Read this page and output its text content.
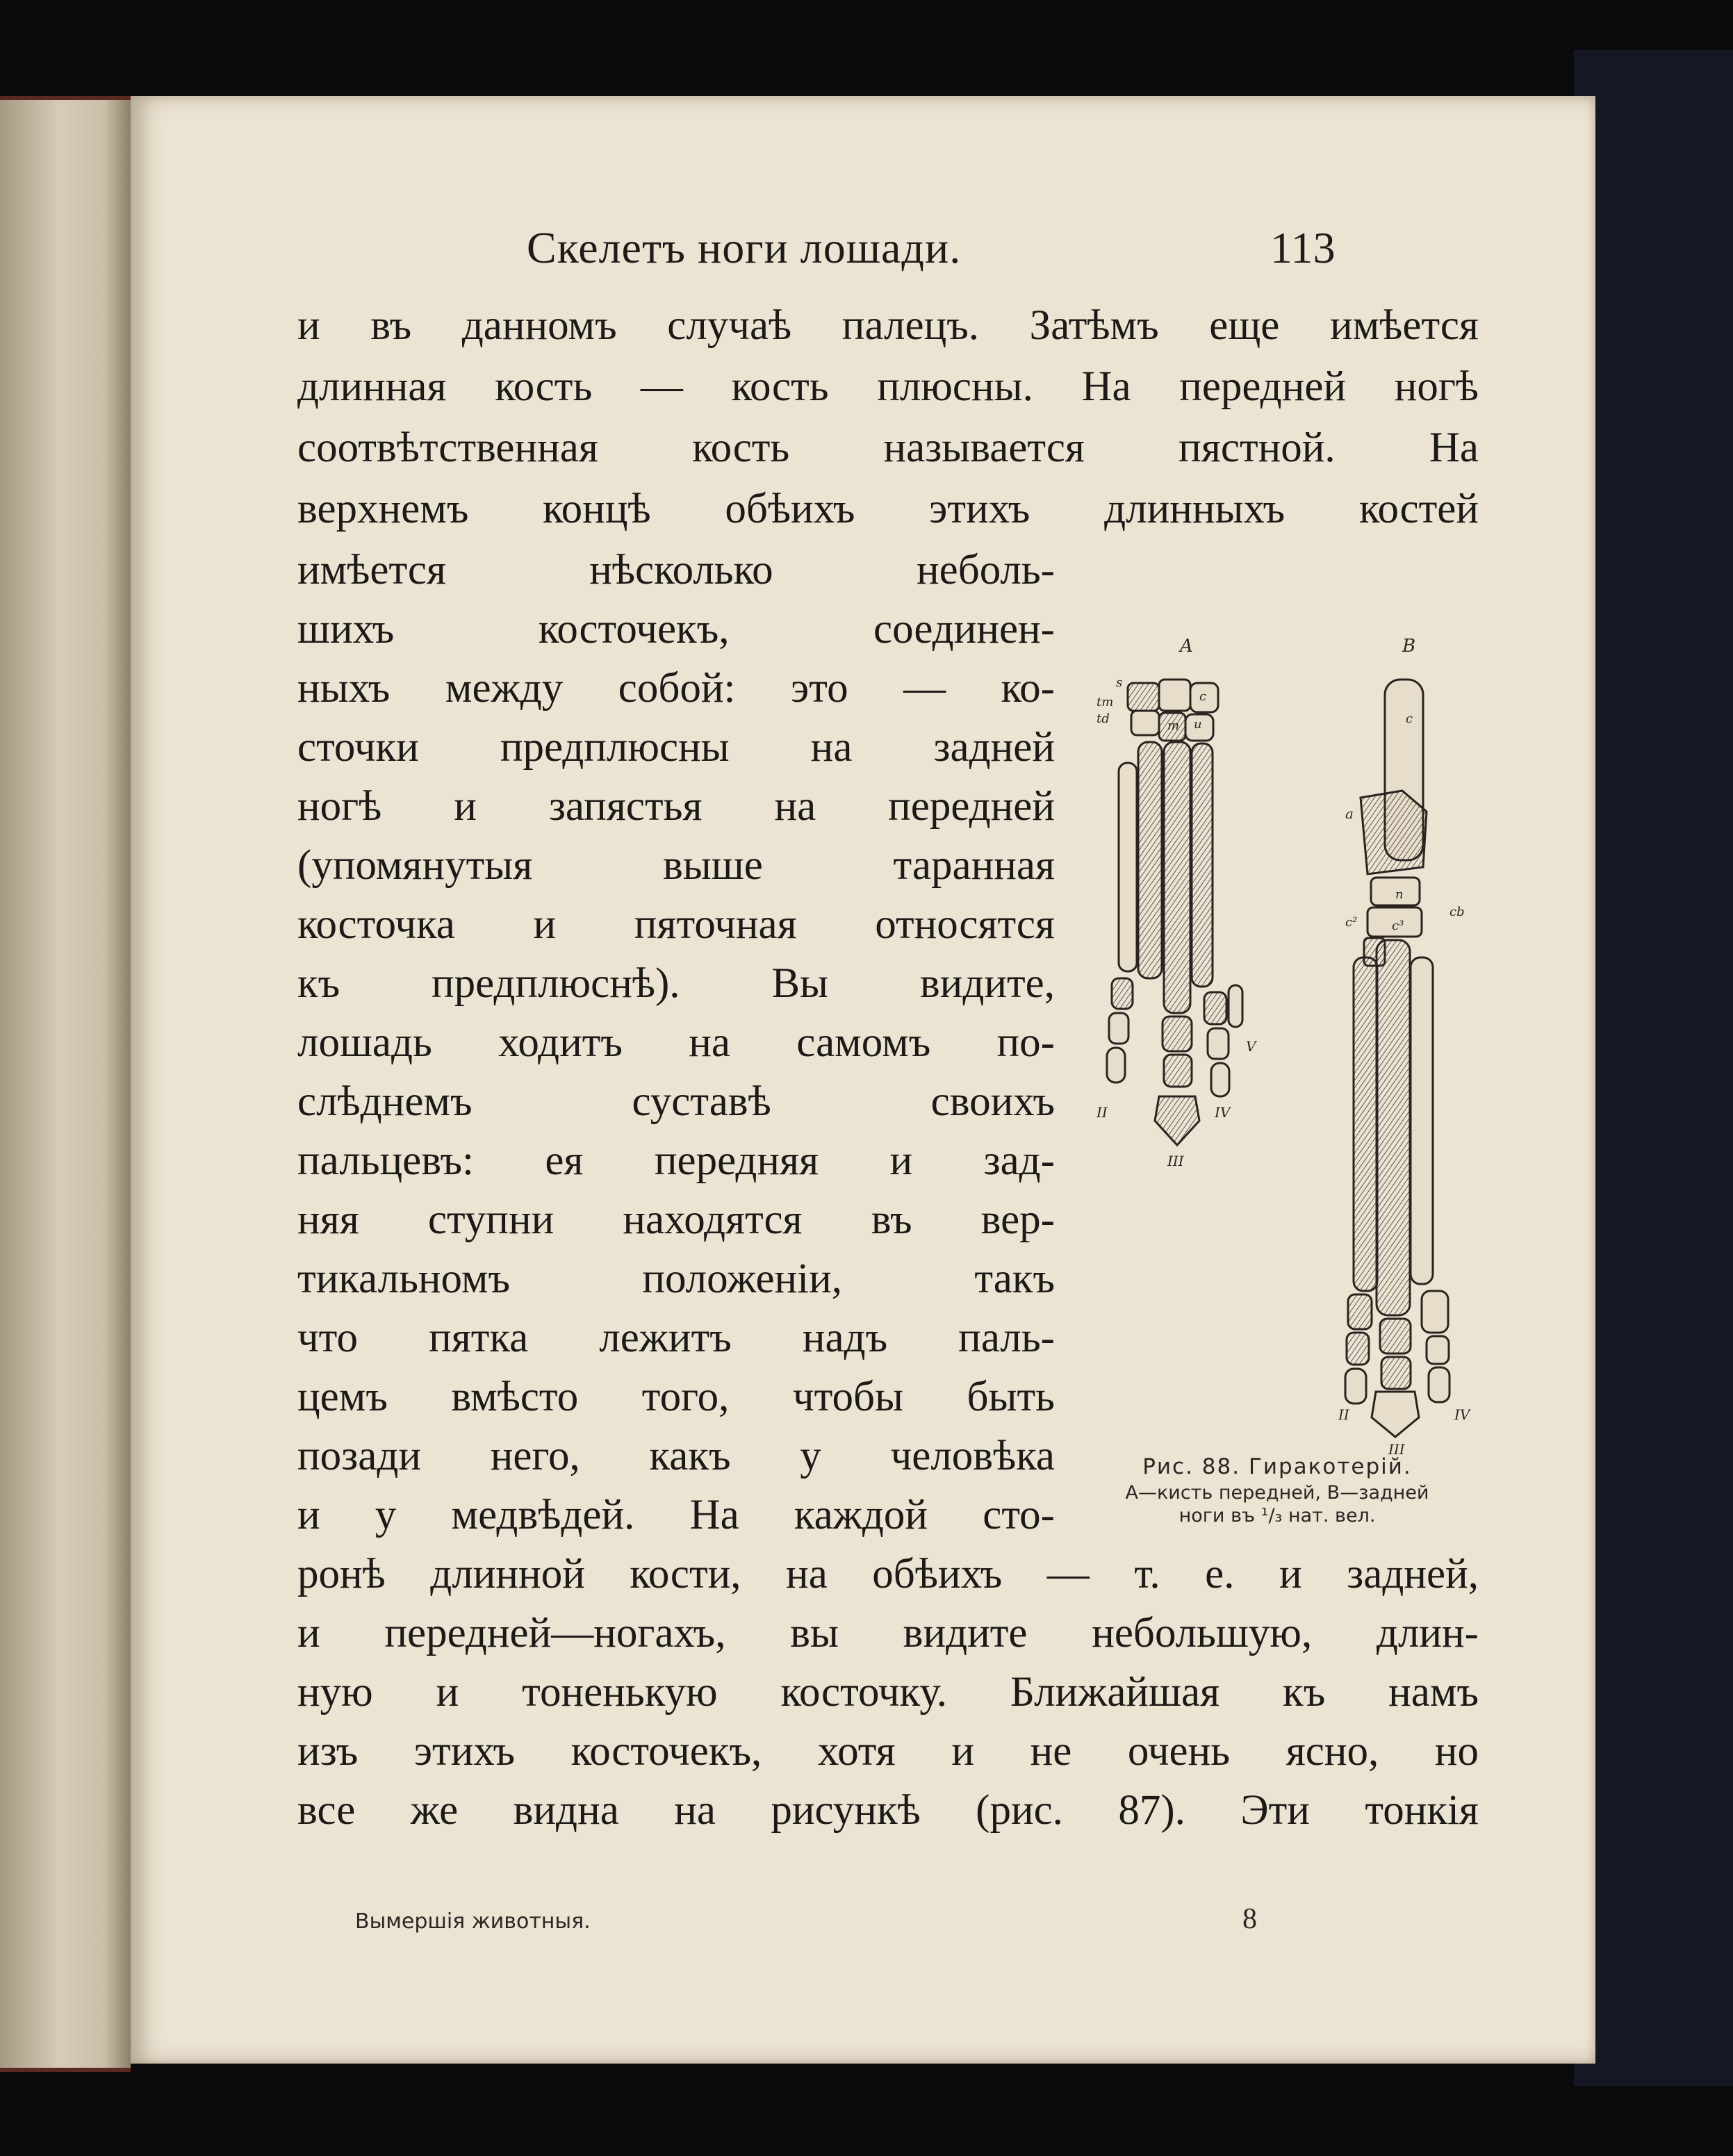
Скелетъ ноги лошади.	113
и въ данномъ случаѣ палецъ. Затѣмъ еще имѣется
длинная кость — кость плюсны. На передней ногѣ
соотвѣтственная кость называется пястной. На
верхнемъ концѣ обѣихъ этихъ длинныхъ костей
имѣется нѣсколько неболь-
шихъ косточекъ, соединен-
ныхъ между собой: это — ко-
сточки предплюсны на задней
ногѣ и запястья на передней
(упомянутыя выше таранная
косточка и пяточная относятся
къ предплюснѣ). Вы видите,
лошадь ходитъ на самомъ по-
слѣднемъ суставѣ своихъ
пальцевъ: ея передняя и зад-
няя ступни находятся въ вер-
тикальномъ положенiи, такъ
что пятка лежитъ надъ паль-
цемъ вмѣсто того, чтобы быть
позади него, какъ у человѣка
и у медвѣдей. На каждой сто-
ронѣ длинной кости, на обѣихъ — т. е. и задней,
и передней—ногахъ, вы видите небольшую, длин-
ную и тоненькую косточку. Ближайшая къ намъ
изъ этихъ косточекъ, хотя и не очень ясно, но
все же видна на рисункѣ (рис. 87). Эти тонкiя
A	B
s
tm
td	m u
c
V
II
III
IV
c
a
n
c²	c³
cb
II
III
IV
Рис. 88. Гиракотерiй.
A—кисть передней, B—задней
ноги въ ¹/₃ нат. вел.
Вымершiя животныя.	8
